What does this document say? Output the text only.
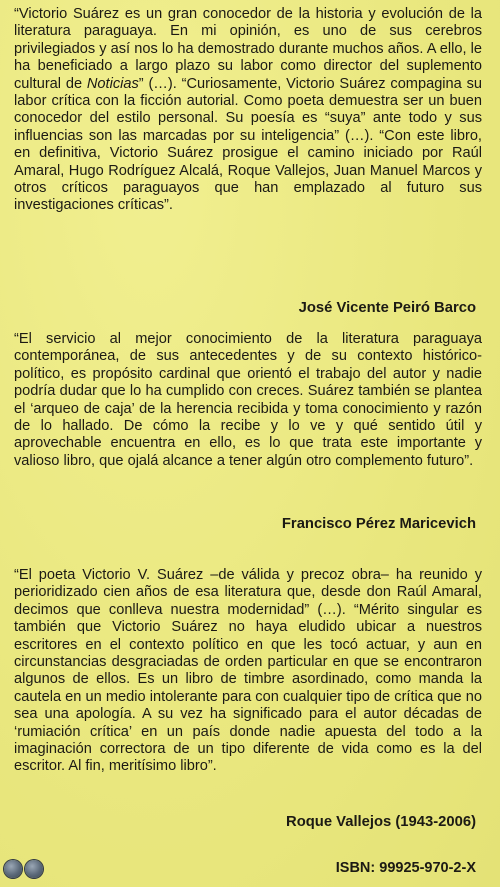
“Victorio Suárez es un gran conocedor de la historia y evolución de la literatura paraguaya. En mi opinión, es uno de sus cerebros privilegiados y así nos lo ha demostrado durante muchos años. A ello, le ha beneficiado a largo plazo su labor como director del suplemento cultural de Noticias” (…). “Curiosamente, Victorio Suárez compagina su labor crítica con la ficción autorial. Como poeta demuestra ser un buen conocedor del estilo personal. Su poesía es “suya” ante todo y sus influencias son las marcadas por su inteligencia” (…). “Con este libro, en definitiva, Victorio Suárez prosigue el camino iniciado por Raúl Amaral, Hugo Rodríguez Alcalá, Roque Vallejos, Juan Manuel Marcos y otros críticos paraguayos que han emplazado al futuro sus investigaciones críticas”.

José Vicente Peiró Barco

“El servicio al mejor conocimiento de la literatura paraguaya contemporánea, de sus antecedentes y de su contexto histórico-político, es propósito cardinal que orientó el trabajo del autor y nadie podría dudar que lo ha cumplido con creces. Suárez también se plantea el ‘arqueo de caja’ de la herencia recibida y toma conocimiento y razón de lo hallado. De cómo la recibe y lo ve y qué sentido útil y aprovechable encuentra en ello, es lo que trata este importante y valioso libro, que ojalá alcance a tener algún otro complemento futuro”.

Francisco Pérez Maricevich

“El poeta Victorio V. Suárez –de válida y precoz obra– ha reunido y perioridizado cien años de esa literatura que, desde don Raúl Amaral, decimos que conlleva nuestra modernidad” (…). “Mérito singular es también que Victorio Suárez no haya eludido ubicar a nuestros escritores en el contexto político en que les tocó actuar, y aun en circunstancias desgraciadas de orden particular en que se encontraron algunos de ellos. Es un libro de timbre asordinado, como manda la cautela en un medio intolerante para con cualquier tipo de crítica que no sea una apología. A su vez ha significado para el autor décadas de ‘rumiación crítica’ en un país donde nadie apuesta del todo a la imaginación correctora de un tipo diferente de vida como es la del escritor. Al fin, meritísimo libro”.

Roque Vallejos (1943-2006)

ISBN: 99925-970-2-X
